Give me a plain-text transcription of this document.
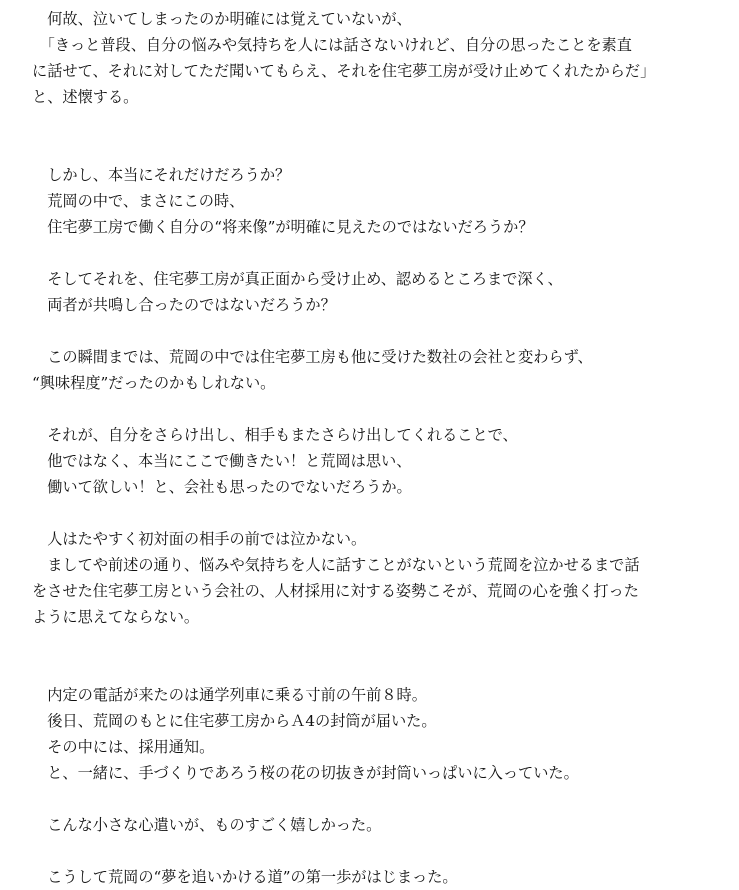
　何故、泣いてしまったのか明確には覚えていないが、
　「きっと普段、自分の悩みや気持ちを人には話さないけれど、自分の思ったことを素直
に話せて、それに対してただ聞いてもらえ、それを住宅夢工房が受け止めてくれたからだ」
と、述懐する。
　しかし、本当にそれだけだろうか？
　荒岡の中で、まさにこの時、
　住宅夢工房で働く自分の“将来像”が明確に見えたのではないだろうか？
　そしてそれを、住宅夢工房が真正面から受け止め、認めるところまで深く、
　両者が共鳴し合ったのではないだろうか？
　この瞬間までは、荒岡の中では住宅夢工房も他に受けた数社の会社と変わらず、
“興味程度”だったのかもしれない。
　それが、自分をさらけ出し、相手もまたさらけ出してくれることで、
　他ではなく、本当にここで働きたい！と荒岡は思い、
　働いて欲しい！と、会社も思ったのでないだろうか。
　人はたやすく初対面の相手の前では泣かない。
　ましてや前述の通り、悩みや気持ちを人に話すことがないという荒岡を泣かせるまで話
をさせた住宅夢工房という会社の、人材採用に対する姿勢こそが、荒岡の心を強く打った
ように思えてならない。
　内定の電話が来たのは通学列車に乗る寸前の午前８時。
　後日、荒岡のもとに住宅夢工房からＡ4の封筒が届いた。
　その中には、採用通知。
　と、一緒に、手づくりであろう桜の花の切抜きが封筒いっぱいに入っていた。
　こんな小さな心遣いが、ものすごく嬉しかった。
　こうして荒岡の“夢を追いかける道”の第一歩がはじまった。
